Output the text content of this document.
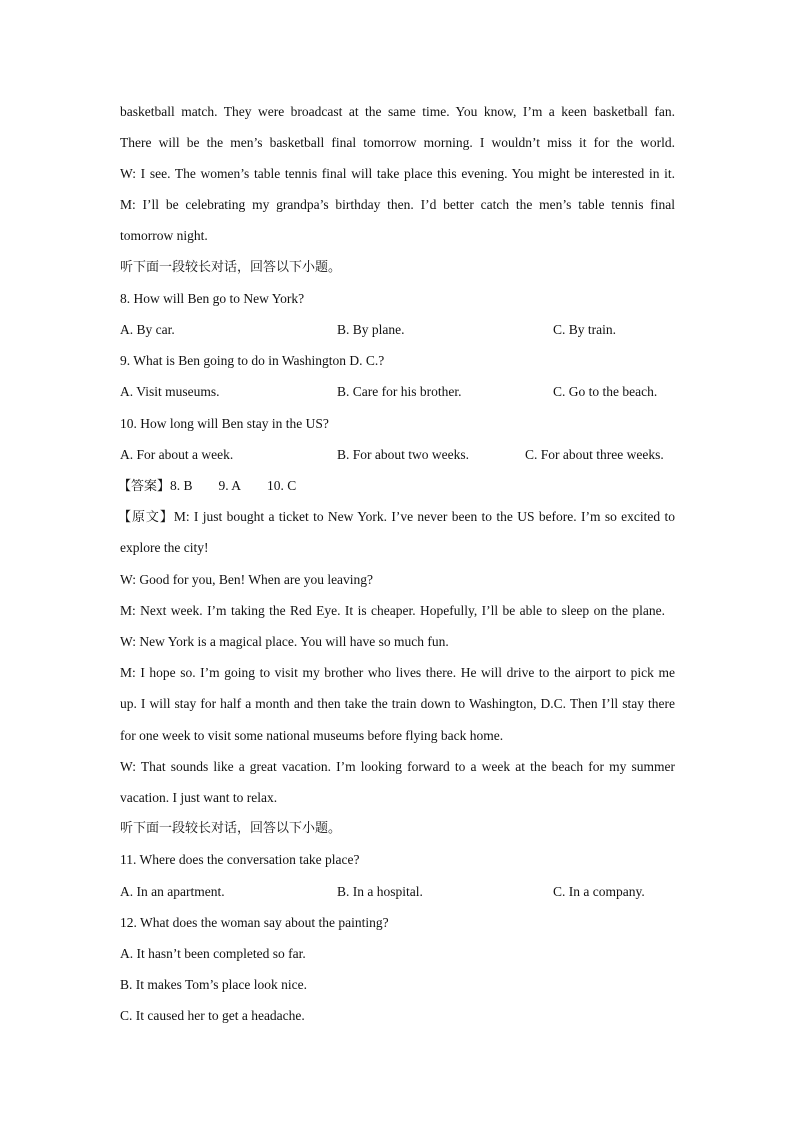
basketball match. They were broadcast at the same time. You know, I’m a keen basketball fan.
There will be the men’s basketball final tomorrow morning. I wouldn’t miss it for the world.
W: I see. The women’s table tennis final will take place this evening. You might be interested in it.
M: I’ll be celebrating my grandpa’s birthday then. I’d better catch the men’s table tennis final
tomorrow night.
听下面一段较长对话，回答以下小题。
8. How will Ben go to New York?
A. By car.	B. By plane.	C. By train.
9. What is Ben going to do in Washington D. C.?
A. Visit museums.	B. Care for his brother.	C. Go to the beach.
10. How long will Ben stay in the US?
A. For about a week.	B. For about two weeks.	C. For about three weeks.
【答案】8. B 9. A 10. C
【原文】M: I just bought a ticket to New York. I’ve never been to the US before. I’m so excited to
explore the city!
W: Good for you, Ben! When are you leaving?
M: Next week. I’m taking the Red Eye. It is cheaper. Hopefully, I’ll be able to sleep on the plane.
W: New York is a magical place. You will have so much fun.
M: I hope so. I’m going to visit my brother who lives there. He will drive to the airport to pick me
up. I will stay for half a month and then take the train down to Washington, D.C. Then I’ll stay there
for one week to visit some national museums before flying back home.
W: That sounds like a great vacation. I’m looking forward to a week at the beach for my summer
vacation. I just want to relax.
听下面一段较长对话，回答以下小题。
11. Where does the conversation take place?
A. In an apartment.	B. In a hospital.	C. In a company.
12. What does the woman say about the painting?
A. It hasn’t been completed so far.
B. It makes Tom’s place look nice.
C. It caused her to get a headache.
